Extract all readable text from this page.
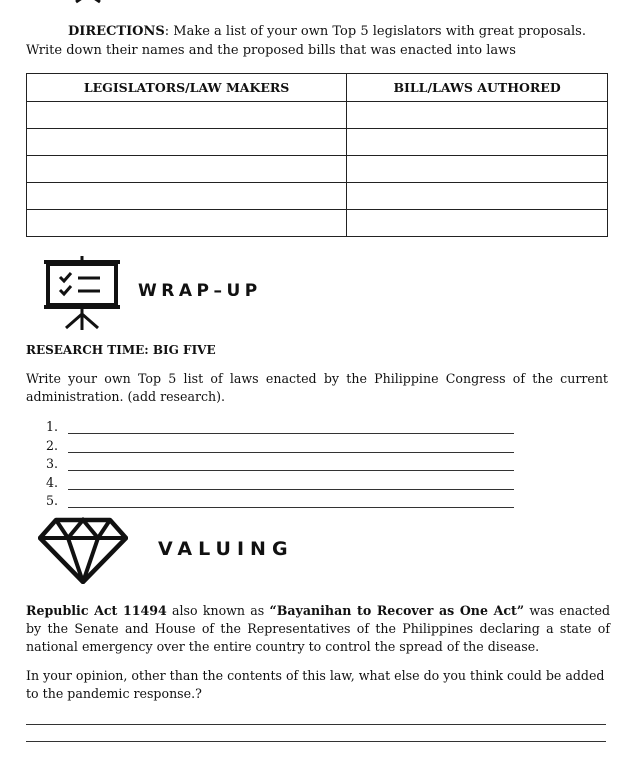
DIRECTIONS: Make a list of your own Top 5 legislators with great proposals.
Write down their names and the proposed bills that was enacted into laws
LEGISLATORS/LAW MAKERS	BILL/LAWS AUTHORED

WRAP–UP
RESEARCH TIME: BIG FIVE
Write your own Top 5 list of laws enacted by the Philippine Congress of the current administration. (add research).
1.
2.
3.
4.
5.
VALUING
Republic Act 11494 also known as “Bayanihan to Recover as One Act” was enacted by the Senate and House of the Representatives of the Philippines declaring a state of national emergency over the entire country to control the spread of the disease.
In your opinion, other than the contents of this law, what else do you think could be added to the pandemic response.?
